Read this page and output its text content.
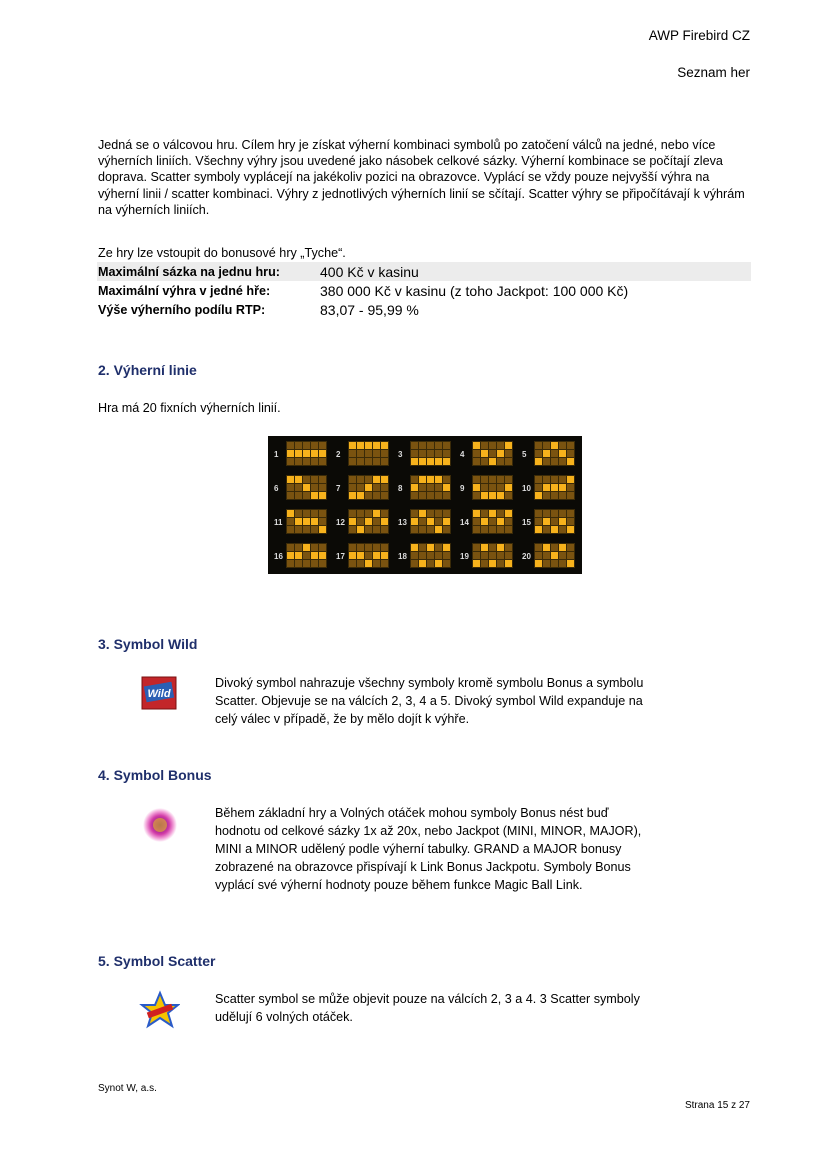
AWP Firebird CZ
Seznam her
Jedná se o válcovou hru. Cílem hry je získat výherní kombinaci symbolů po zatočení válců na jedné, nebo více výherních liniích. Všechny výhry jsou uvedené jako násobek celkové sázky. Výherní kombinace se počítají zleva doprava. Scatter symboly vyplácejí na jakékoliv pozici na obrazovce. Vyplácí se vždy pouze nejvyšší výhra na výherní linii / scatter kombinaci. Výhry z jednotlivých výherních linií se sčítají. Scatter výhry se připočítávají k výhrám na výherních liniích.
Ze hry lze vstoupit do bonusové hry „Tyche“.
Maximální sázka na jednu hru:	400 Kč v kasinu
Maximální výhra v jedné hře:	380 000 Kč v kasinu (z toho Jackpot: 100 000 Kč)
Výše výherního podílu RTP:	83,07 - 95,99 %
2. Výherní linie
Hra má 20 fixních výherních linií.
1	2	3	4	5
6	7	8	9	10
11	12	13	14	15
16	17	18	19	20
3. Symbol Wild
Wild
Divoký symbol nahrazuje všechny symboly kromě symbolu Bonus a symbolu Scatter. Objevuje se na válcích 2, 3, 4 a 5. Divoký symbol Wild expanduje na celý válec v případě, že by mělo dojít k výhře.
4. Symbol Bonus
Během základní hry a Volných otáček mohou symboly Bonus nést buď hodnotu od celkové sázky 1x až 20x, nebo Jackpot (MINI, MINOR, MAJOR), MINI a MINOR udělený podle výherní tabulky. GRAND a MAJOR bonusy zobrazené na obrazovce přispívají k Link Bonus Jackpotu. Symboly Bonus vyplácí své výherní hodnoty pouze během funkce Magic Ball Link.
5. Symbol Scatter
Scatter symbol se může objevit pouze na válcích 2, 3 a 4. 3 Scatter symboly udělují 6 volných otáček.
Synot W, a.s.
Strana 15 z 27
